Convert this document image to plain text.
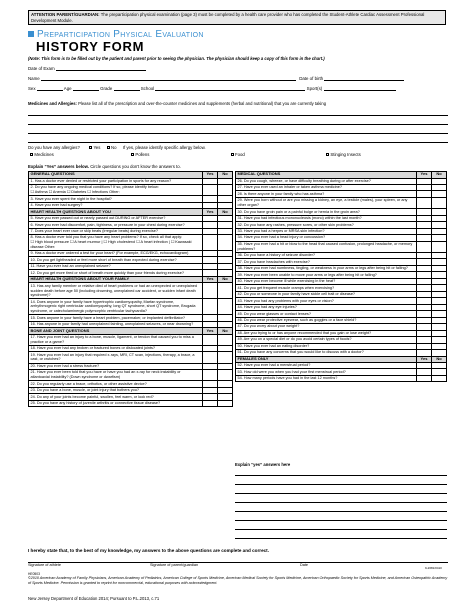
ATTENTION PARENT/GUARDIAN: The preparticipation physical examination (page 3) must be completed by a health care provider who has completed the Student-Athlete Cardiac Assessment Professional Development Module.
Preparticipation Physical Evaluation
HISTORY FORM
(Note: This form is to be filled out by the patient and parent prior to seeing the physician. The physician should keep a copy of this form in the chart.)
Date of Exam
Name	Date of birth
Sex	Age	Grade	School	Sport(s)
Medicines and Allergies: Please list all of the prescription and over-the-counter medicines and supplements (herbal and nutritional) that you are currently taking
Do you have any allergies?	Yes No If yes, please identify specific allergy below.
Medicines	Pollens	Food	Stinging Insects
Explain “Yes” answers below. Circle questions you don't know the answers to.
GENERAL QUESTIONS	Yes	No
1. Has a doctor ever denied or restricted your participation in sports for any reason?		
2. Do you have any ongoing medical conditions? If so, please identify below:
☐ Asthma ☐ Anemia ☐ Diabetes ☐ Infections Other:		

3. Have you ever spent the night in the hospital?		
4. Have you ever had surgery?		
HEART HEALTH QUESTIONS ABOUT YOU	Yes	No
5. Have you ever passed out or nearly passed out DURING or AFTER exercise?		
6. Have you ever had discomfort, pain, tightness, or pressure in your chest during exercise?		
7. Does your heart ever race or skip beats (irregular beats) during exercise?		
8. Has a doctor ever told you that you have any heart problems? If so, check all that apply:
☐ High blood pressure ☐ A heart murmur | ☐ High cholesterol ☐ A heart infection | ☐ Kawasaki disease Other:		

9. Has a doctor ever ordered a test for your heart? (For example, ECG/EKG, echocardiogram)		
10. Do you get lightheaded or feel more short of breath than expected during exercise?		
11. Have you ever had an unexplained seizure?		
12. Do you get more tired or short of breath more quickly than your friends during exercise?		
HEART HEALTH QUESTIONS ABOUT YOUR FAMILY	Yes	No
13. Has any family member or relative died of heart problems or had an unexpected or unexplained sudden death before age 50 (including drowning, unexplained car accident, or sudden infant death syndrome)?		
14. Does anyone in your family have hypertrophic cardiomyopathy, Marfan syndrome, arrhythmogenic right ventricular cardiomyopathy, long QT syndrome, short QT syndrome, Brugada syndrome, or catecholaminergic polymorphic ventricular tachycardia?		
15. Does anyone in your family have a heart problem, pacemaker, or implanted defibrillator?		
16. Has anyone in your family had unexplained fainting, unexplained seizures, or near drowning?		
BONE AND JOINT QUESTIONS	Yes	No
17. Have you ever had an injury to a bone, muscle, ligament, or tendon that caused you to miss a practice or a game?		
18. Have you ever had any broken or fractured bones or dislocated joints?		
19. Have you ever had an injury that required x-rays, MRI, CT scan, injections, therapy, a brace, a cast, or crutches?		
20. Have you ever had a stress fracture?		
21. Have you ever been told that you have or have you had an x-ray for neck instability or atlantoaxial instability? (Down syndrome or dwarfism)		
22. Do you regularly use a brace, orthotics, or other assistive device?		
23. Do you have a bone, muscle, or joint injury that bothers you?		
24. Do any of your joints become painful, swollen, feel warm, or look red?		
25. Do you have any history of juvenile arthritis or connective tissue disease?		
MEDICAL QUESTIONS	Yes	No
26. Do you cough, wheeze, or have difficulty breathing during or after exercise?		
27. Have you ever used an inhaler or taken asthma medicine?		
28. Is there anyone in your family who has asthma?		
29. Were you born without or are you missing a kidney, an eye, a testicle (males), your spleen, or any other organ?		
30. Do you have groin pain or a painful bulge or hernia in the groin area?		
31. Have you had infectious mononucleosis (mono) within the last month?		
32. Do you have any rashes, pressure sores, or other skin problems?		
33. Have you had a herpes or MRSA skin infection?		
34. Have you ever had a head injury or concussion?		
35. Have you ever had a hit or blow to the head that caused confusion, prolonged headache, or memory problems?		
36. Do you have a history of seizure disorder?		
37. Do you have headaches with exercise?		
38. Have you ever had numbness, tingling, or weakness in your arms or legs after being hit or falling?		
39. Have you ever been unable to move your arms or legs after being hit or falling?		
40. Have you ever become ill while exercising in the heat?		
41. Do you get frequent muscle cramps when exercising?		
42. Do you or someone in your family have sickle cell trait or disease?		
43. Have you had any problems with your eyes or vision?		
44. Have you had any eye injuries?		
45. Do you wear glasses or contact lenses?		
46. Do you wear protective eyewear, such as goggles or a face shield?		
47. Do you worry about your weight?		
48. Are you trying to or has anyone recommended that you gain or lose weight?		
49. Are you on a special diet or do you avoid certain types of foods?		
50. Have you ever had an eating disorder?		
51. Do you have any concerns that you would like to discuss with a doctor?		
FEMALES ONLY	Yes	No
52. Have you ever had a menstrual period?		
53. How old were you when you had your first menstrual period?		
54. How many periods have you had in the last 12 months?		
Explain “yes” answers here
I hereby state that, to the best of my knowledge, my answers to the above questions are complete and correct.
Signature of athlete	Signature of parent/guardian	Date
HE0503
©2010 American Academy of Family Physicians, American Academy of Pediatrics, American College of Sports Medicine, American Medical Society for Sports Medicine, American Orthopaedic Society for Sports Medicine, and American Osteopathic Academy of Sports Medicine. Permission is granted to reprint for noncommercial, educational purposes with acknowledgment.
9-2681/0410
New Jersey Department of Education 2014; Pursuant to P.L.2013, c.71
